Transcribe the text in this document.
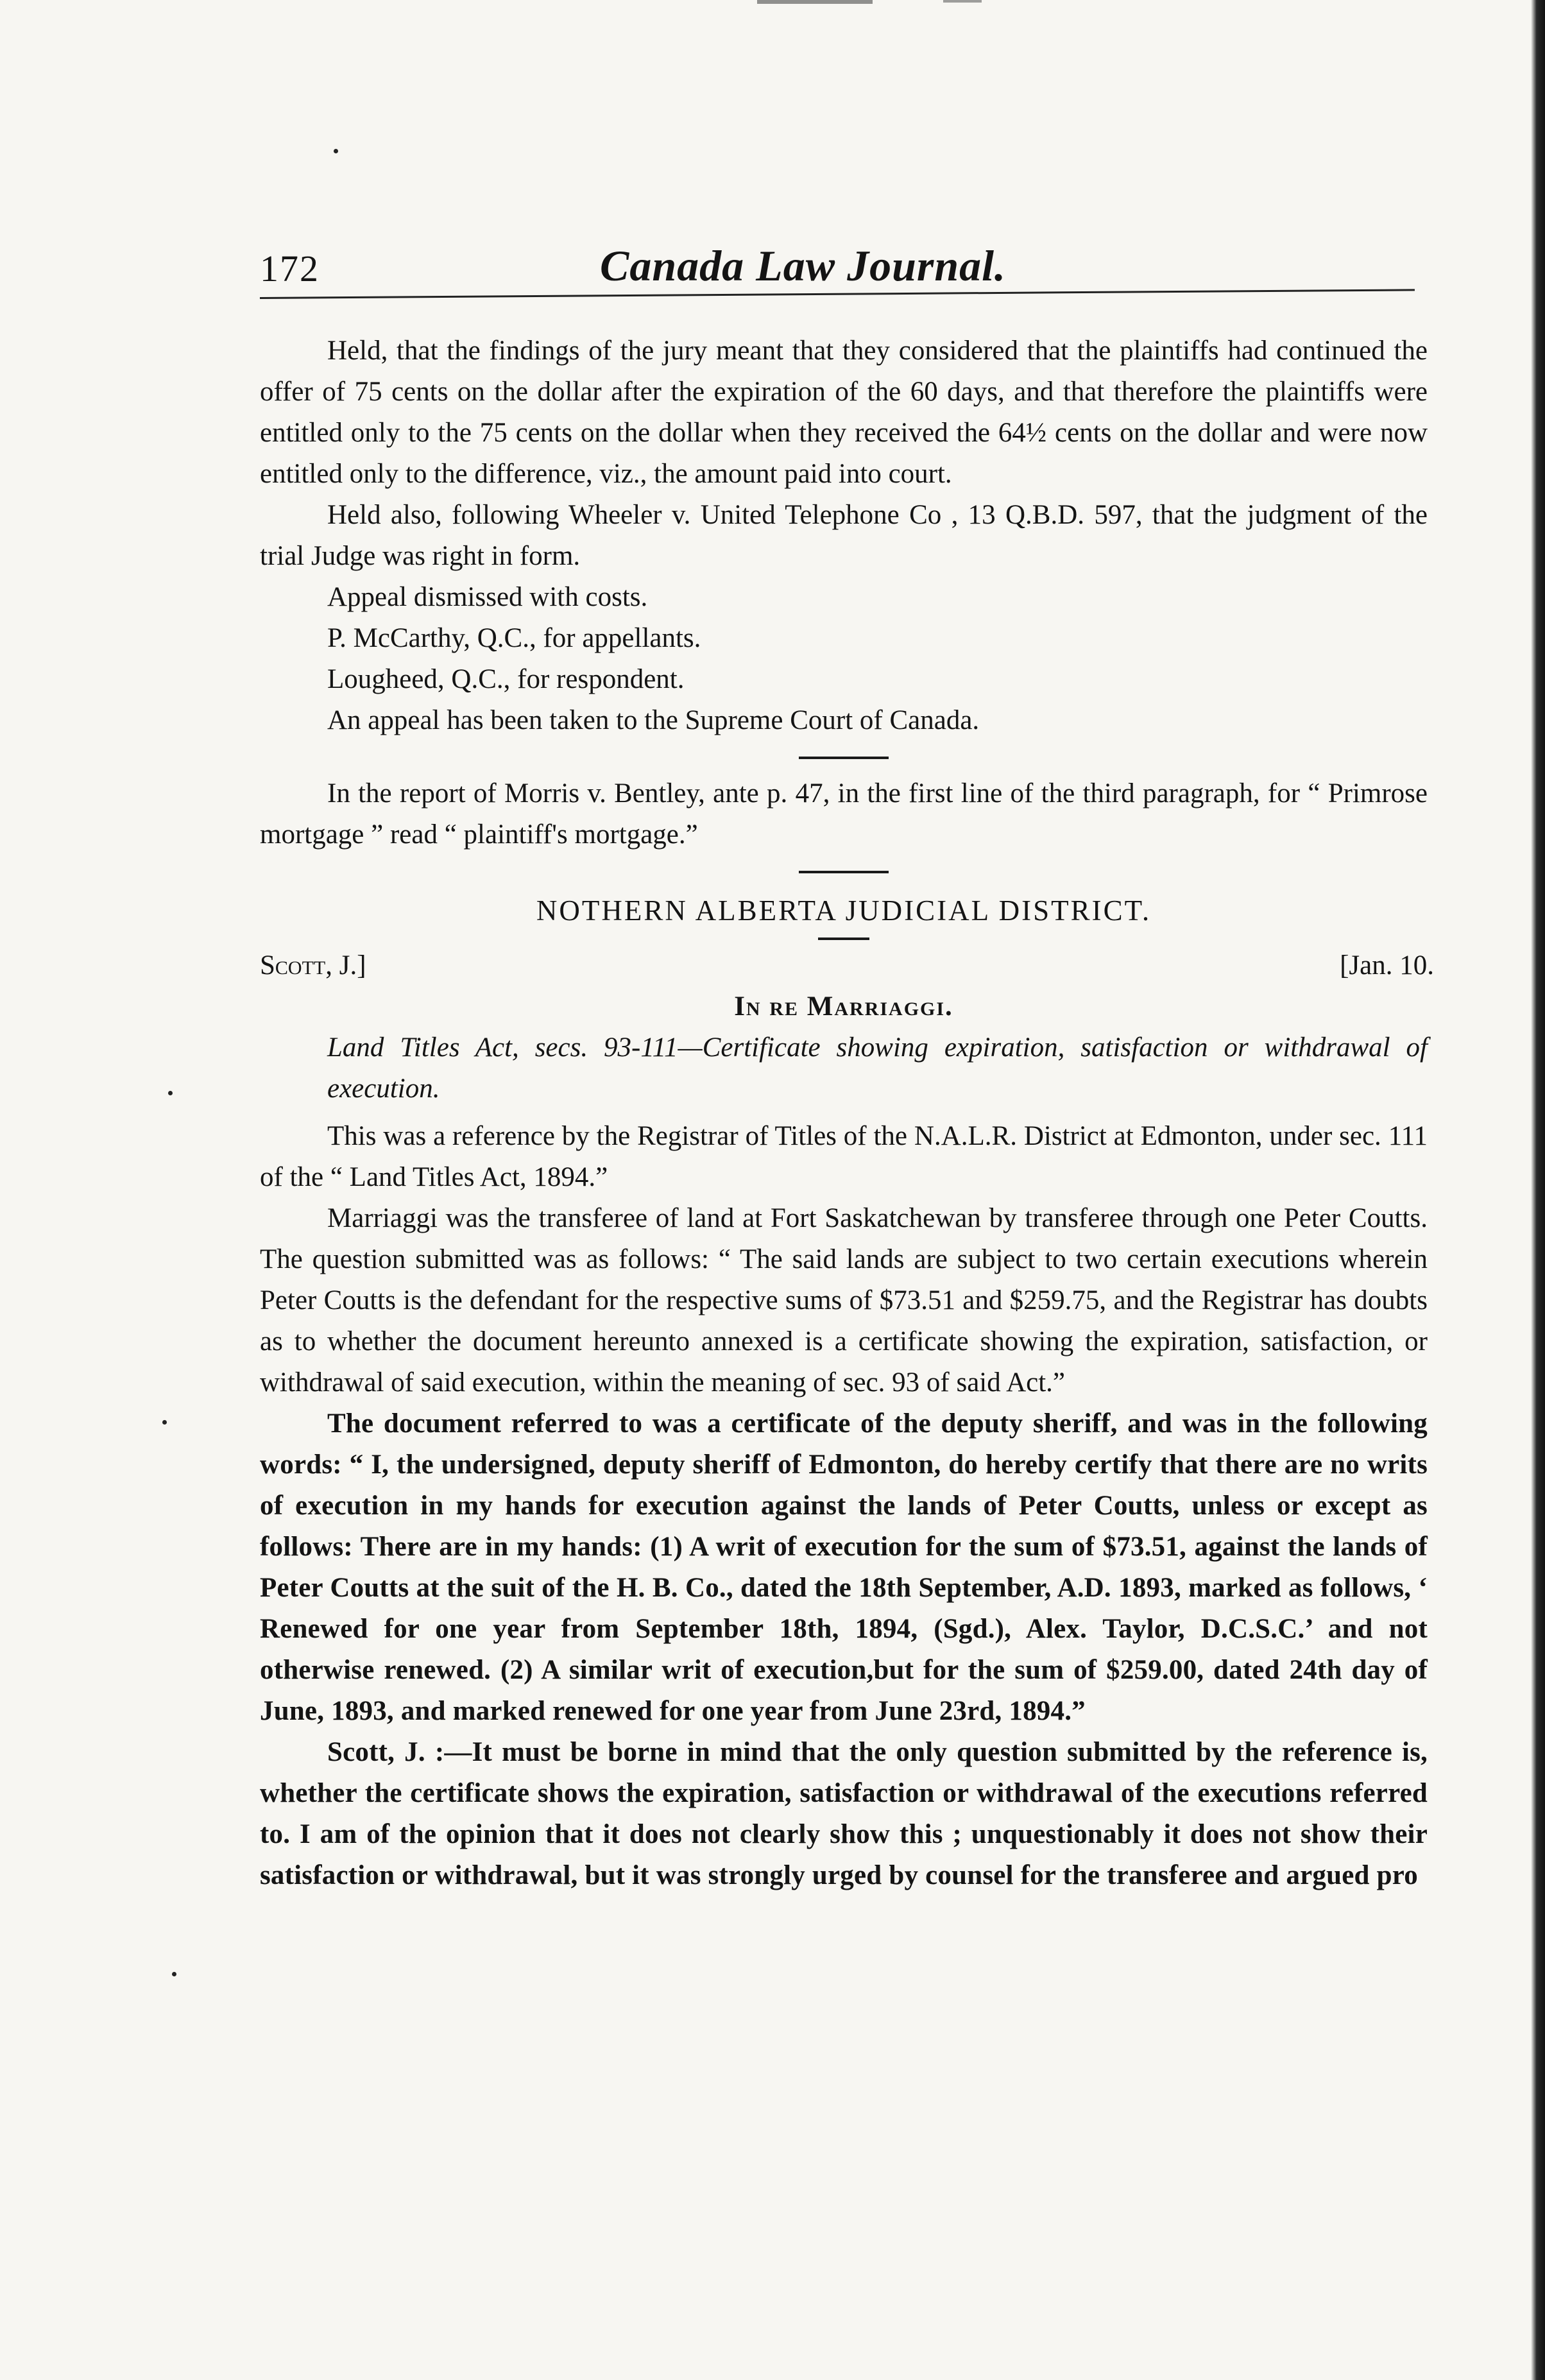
172	Canada Law Journal.

Held, that the findings of the jury meant that they considered that the plaintiffs had continued the offer of 75 cents on the dollar after the expiration of the 60 days, and that therefore the plaintiffs were entitled only to the 75 cents on the dollar when they received the 64½ cents on the dollar and were now entitled only to the difference, viz., the amount paid into court.

Held also, following Wheeler v. United Telephone Co , 13 Q.B.D. 597, that the judgment of the trial Judge was right in form.

Appeal dismissed with costs.

P. McCarthy, Q.C., for appellants.

Lougheed, Q.C., for respondent.

An appeal has been taken to the Supreme Court of Canada.

In the report of Morris v. Bentley, ante p. 47, in the first line of the third paragraph, for “ Primrose mortgage ” read “ plaintiff's mortgage.”

NOTHERN ALBERTA JUDICIAL DISTRICT.
Scott, J.]	[Jan. 10.
In re Marriaggi.

Land Titles Act, secs. 93-111—Certificate showing expiration, satisfaction or withdrawal of execution.

This was a reference by the Registrar of Titles of the N.A.L.R. District at Edmonton, under sec. 111 of the “ Land Titles Act, 1894.”

Marriaggi was the transferee of land at Fort Saskatchewan by transferee through one Peter Coutts. The question submitted was as follows: “ The said lands are subject to two certain executions wherein Peter Coutts is the defendant for the respective sums of $73.51 and $259.75, and the Registrar has doubts as to whether the document hereunto annexed is a certificate showing the expiration, satisfaction, or withdrawal of said execution, within the meaning of sec. 93 of said Act.”

The document referred to was a certificate of the deputy sheriff, and was in the following words: “ I, the undersigned, deputy sheriff of Edmonton, do hereby certify that there are no writs of execution in my hands for execution against the lands of Peter Coutts, unless or except as follows: There are in my hands: (1) A writ of execution for the sum of $73.51, against the lands of Peter Coutts at the suit of the H. B. Co., dated the 18th September, A.D. 1893, marked as follows, ‘ Renewed for one year from September 18th, 1894, (Sgd.), Alex. Taylor, D.C.S.C.’ and not otherwise renewed. (2) A similar writ of execution,but for the sum of $259.00, dated 24th day of June, 1893, and marked renewed for one year from June 23rd, 1894.”

Scott, J. :—It must be borne in mind that the only question submitted by the reference is, whether the certificate shows the expiration, satisfaction or withdrawal of the executions referred to. I am of the opinion that it does not clearly show this ; unquestionably it does not show their satisfaction or withdrawal, but it was strongly urged by counsel for the transferee and argued pro
